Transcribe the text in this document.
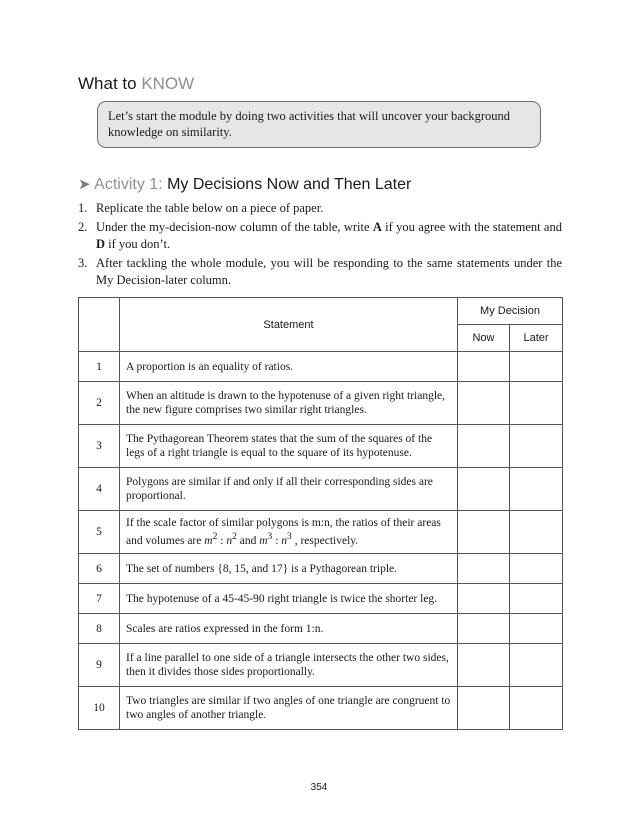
What to KNOW
Let’s start the module by doing two activities that will uncover your background knowledge on similarity.
➤ Activity 1: My Decisions Now and Then Later
1. Replicate the table below on a piece of paper.
2. Under the my-decision-now column of the table, write A if you agree with the statement and D if you don’t.
3. After tackling the whole module, you will be responding to the same statements under the My Decision-later column.
	Statement	My Decision	
		Now	Later
1	A proportion is an equality of ratios.		
2	When an altitude is drawn to the hypotenuse of a given right triangle, the new figure comprises two similar right triangles.		
3	The Pythagorean Theorem states that the sum of the squares of the legs of a right triangle is equal to the square of its hypotenuse.		
4	Polygons are similar if and only if all their corresponding sides are proportional.		
5	If the scale factor of similar polygons is m:n, the ratios of their areas and volumes are $m^2$ : $n^2$ and $m^3$ : $n^3$ , respectively.		
6	The set of numbers {8, 15, and 17} is a Pythagorean triple.		
7	The hypotenuse of a 45-45-90 right triangle is twice the shorter leg.		
8	Scales are ratios expressed in the form 1:n.		
9	If a line parallel to one side of a triangle intersects the other two sides, then it divides those sides proportionally.		
10	Two triangles are similar if two angles of one triangle are congruent to two angles of another triangle.		
354
